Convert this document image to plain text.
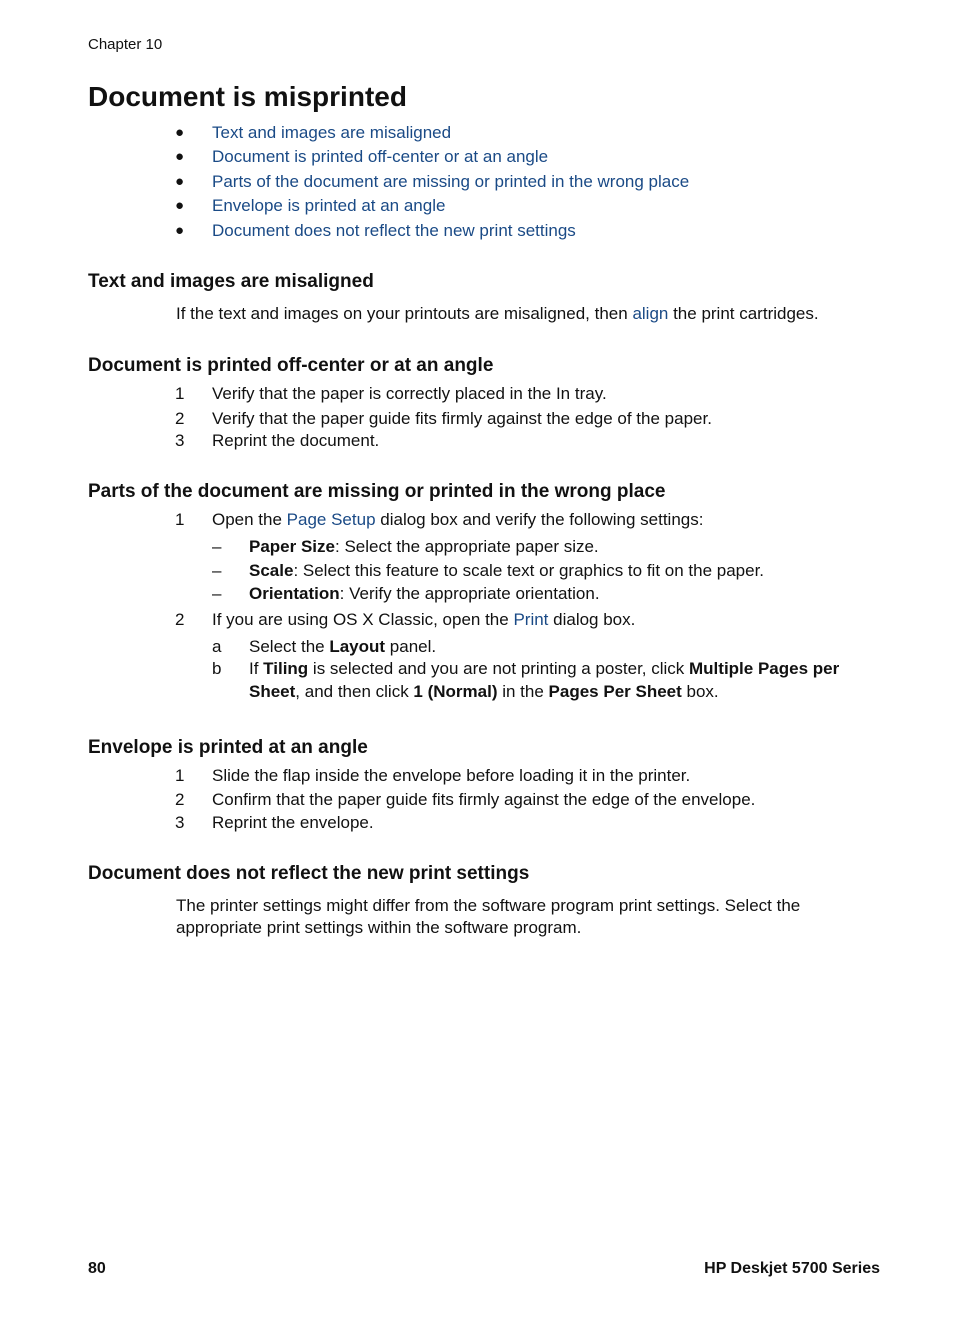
Chapter 10
Document is misprinted
● Text and images are misaligned
● Document is printed off-center or at an angle
● Parts of the document are missing or printed in the wrong place
● Envelope is printed at an angle
● Document does not reflect the new print settings
Text and images are misaligned
If the text and images on your printouts are misaligned, then align the print cartridges.
Document is printed off-center or at an angle
1 Verify that the paper is correctly placed in the In tray.
2 Verify that the paper guide fits firmly against the edge of the paper.
3 Reprint the document.
Parts of the document are missing or printed in the wrong place
1 Open the Page Setup dialog box and verify the following settings:
– Paper Size: Select the appropriate paper size.
– Scale: Select this feature to scale text or graphics to fit on the paper.
– Orientation: Verify the appropriate orientation.
2 If you are using OS X Classic, open the Print dialog box.
a Select the Layout panel.
b If Tiling is selected and you are not printing a poster, click Multiple Pages per
Sheet, and then click 1 (Normal) in the Pages Per Sheet box.
Envelope is printed at an angle
1 Slide the flap inside the envelope before loading it in the printer.
2 Confirm that the paper guide fits firmly against the edge of the envelope.
3 Reprint the envelope.
Document does not reflect the new print settings
The printer settings might differ from the software program print settings. Select the
appropriate print settings within the software program.
80	HP Deskjet 5700 Series
